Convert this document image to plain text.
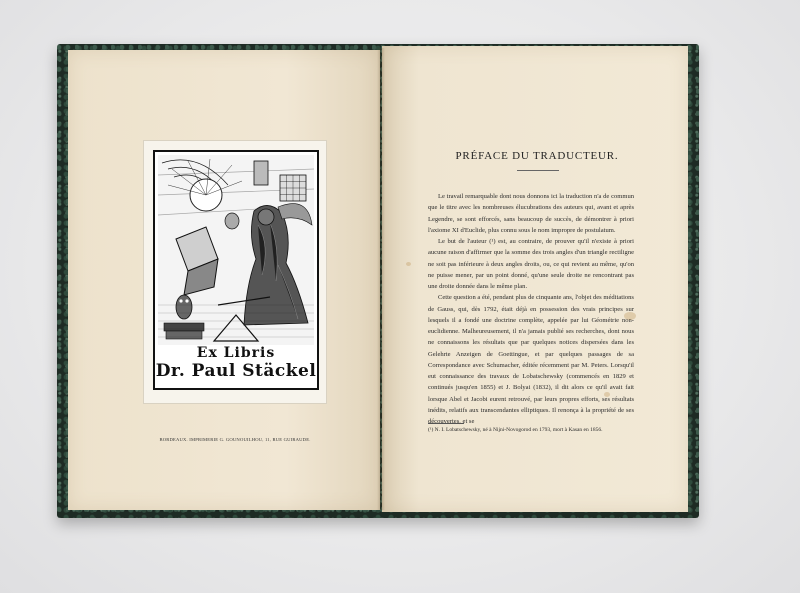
Ex Libris
Dr. Paul Stäckel
BORDEAUX. IMPRIMERIE G. GOUNOUILHOU, 11, RUE GUIRAUDE.
PRÉFACE DU TRADUCTEUR.

Le travail remarquable dont nous donnons ici la traduction n'a de commun que le titre avec les nombreuses élucubrations des auteurs qui, avant et après Legendre, se sont efforcés, sans beaucoup de succès, de démontrer à priori l'axiome XI d'Euclide, plus connu sous le nom impropre de postulatum.

Le but de l'auteur (¹) est, au contraire, de prouver qu'il n'existe à priori aucune raison d'affirmer que la somme des trois angles d'un triangle rectiligne ne soit pas inférieure à deux angles droits, ou, ce qui revient au même, qu'on ne puisse mener, par un point donné, qu'une seule droite ne rencontrant pas une droite donnée dans le même plan.

Cette question a été, pendant plus de cinquante ans, l'objet des méditations de Gauss, qui, dès 1792, était déjà en possession des vrais principes sur lesquels il a fondé une doctrine complète, appelée par lui Géométrie non-euclidienne. Malheureusement, il n'a jamais publié ses recherches, dont nous ne connaissons les résultats que par quelques notices dispersées dans les Gelehrte Anzeigen de Goettingue, et par quelques passages de sa Correspondance avec Schumacher, éditée récemment par M. Peters. Lorsqu'il eut connaissance des travaux de Lobatschewsky (commencés en 1829 et continués jusqu'en 1855) et J. Bolyai (1832), il dit alors ce qu'il avait fait lorsque Abel et Jacobi eurent retrouvé, par leurs propres efforts, ses résultats inédits, relatifs aux transcendantes elliptiques. Il renonça à la propriété de ses découvertes, et se

(¹) N. I. Lobatschewsky, né à Nijni-Novogorod en 1793, mort à Kasan en 1856.
